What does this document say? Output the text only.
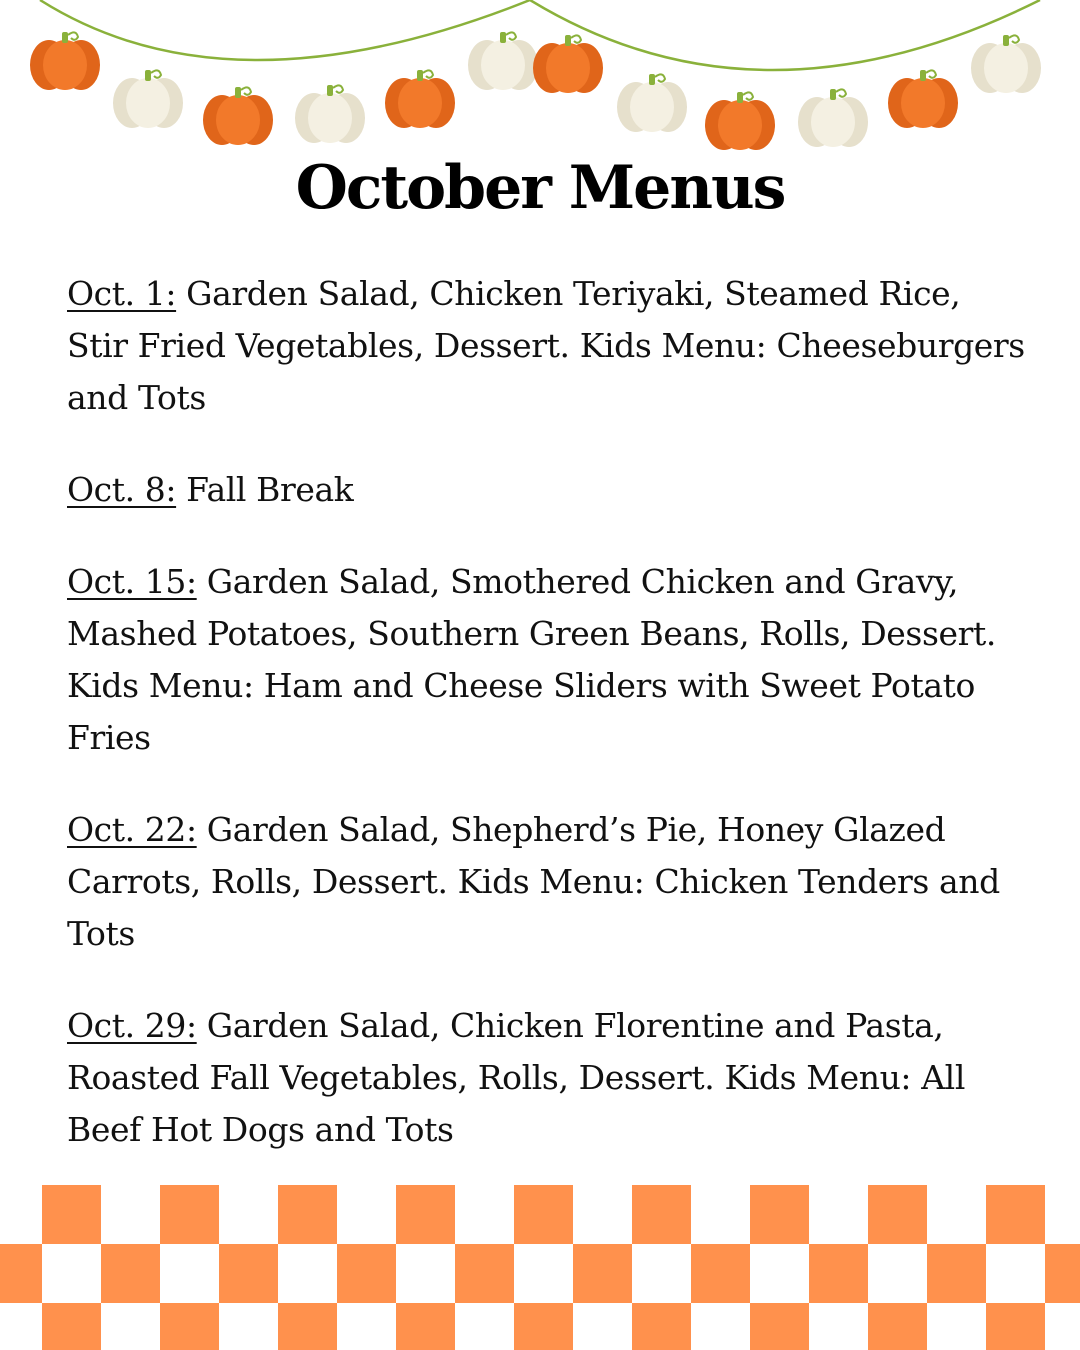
October Menus
Oct. 1: Garden Salad, Chicken Teriyaki, Steamed Rice, Stir Fried Vegetables, Dessert. Kids Menu: Cheeseburgers and Tots
Oct. 8: Fall Break
Oct. 15: Garden Salad, Smothered Chicken and Gravy, Mashed Potatoes, Southern Green Beans, Rolls, Dessert. Kids Menu: Ham and Cheese Sliders with Sweet Potato Fries
Oct. 22: Garden Salad, Shepherd’s Pie, Honey Glazed Carrots, Rolls, Dessert. Kids Menu: Chicken Tenders and Tots
Oct. 29: Garden Salad, Chicken Florentine and Pasta, Roasted Fall Vegetables, Rolls, Dessert. Kids Menu: All Beef Hot Dogs and Tots
